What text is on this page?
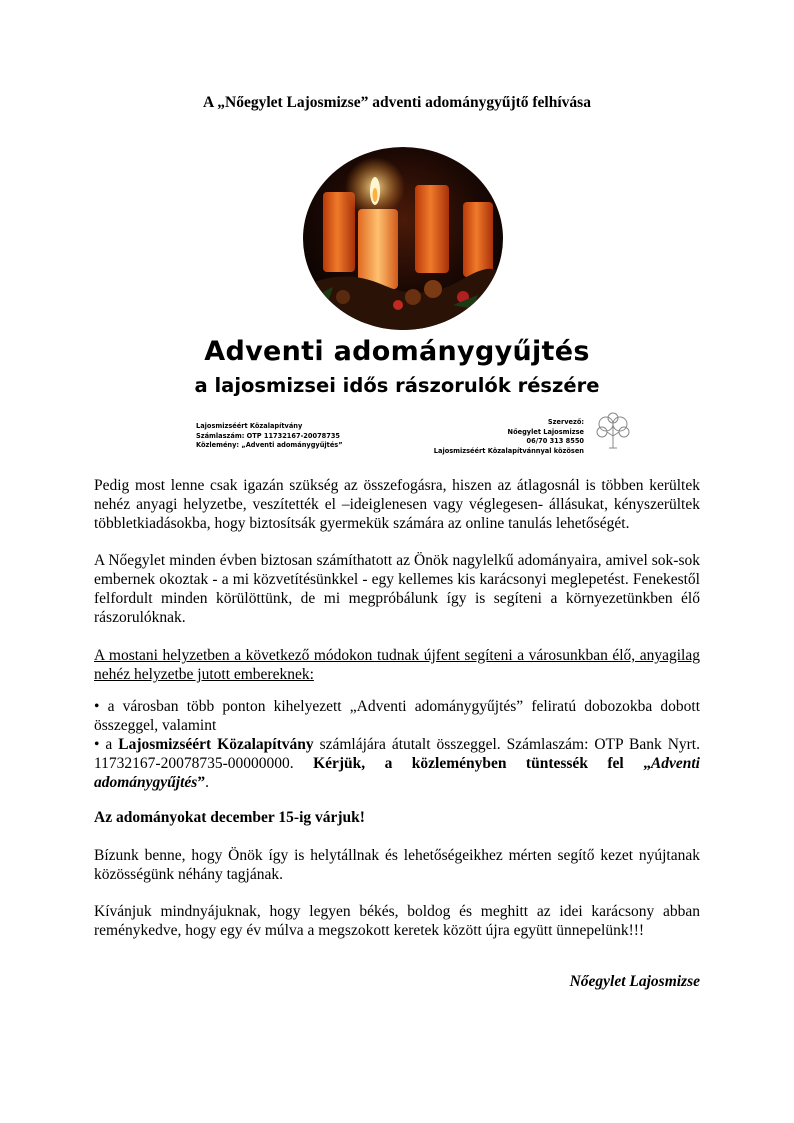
A „Nőegylet Lajosmizse” adventi adománygyűjtő felhívása
Adventi adománygyűjtés
a lajosmizsei idős rászorulók részére
Lajosmizséért Közalapítvány
Számlaszám: OTP 11732167-20078735
Közlemény: „Adventi adománygyűjtés”
Szervező:
Nőegylet Lajosmizse
06/70 313 8550
Lajosmizséért Közalapítvánnyal közösen

Pedig most lenne csak igazán szükség az összefogásra, hiszen az átlagosnál is többen kerültek nehéz anyagi helyzetbe, veszítették el –ideiglenesen vagy véglegesen- állásukat, kényszerültek többletkiadásokba, hogy biztosítsák gyermekük számára az online tanulás lehetőségét.

A Nőegylet minden évben biztosan számíthatott az Önök nagylelkű adományaira, amivel sok-sok embernek okoztak - a mi közvetítésünkkel - egy kellemes kis karácsonyi meglepetést. Fenekestől felfordult minden körülöttünk, de mi megpróbálunk így is segíteni a környezetünkben élő rászorulóknak.

A mostani helyzetben a következő módokon tudnak újfent segíteni a városunkban élő, anyagilag nehéz helyzetbe jutott embereknek:

• a városban több ponton kihelyezett „Adventi adománygyűjtés” feliratú dobozokba dobott összeggel, valamint

• a Lajosmizséért Közalapítvány számlájára átutalt összeggel. Számlaszám: OTP Bank Nyrt. 11732167-20078735-00000000. Kérjük, a közleményben tüntessék fel „Adventi adománygyűjtés”.

Az adományokat december 15-ig várjuk!

Bízunk benne, hogy Önök így is helytállnak és lehetőségeikhez mérten segítő kezet nyújtanak közösségünk néhány tagjának.

Kívánjuk mindnyájuknak, hogy legyen békés, boldog és meghitt az idei karácsony abban reménykedve, hogy egy év múlva a megszokott keretek között újra együtt ünnepelünk!!!

Nőegylet Lajosmizse
